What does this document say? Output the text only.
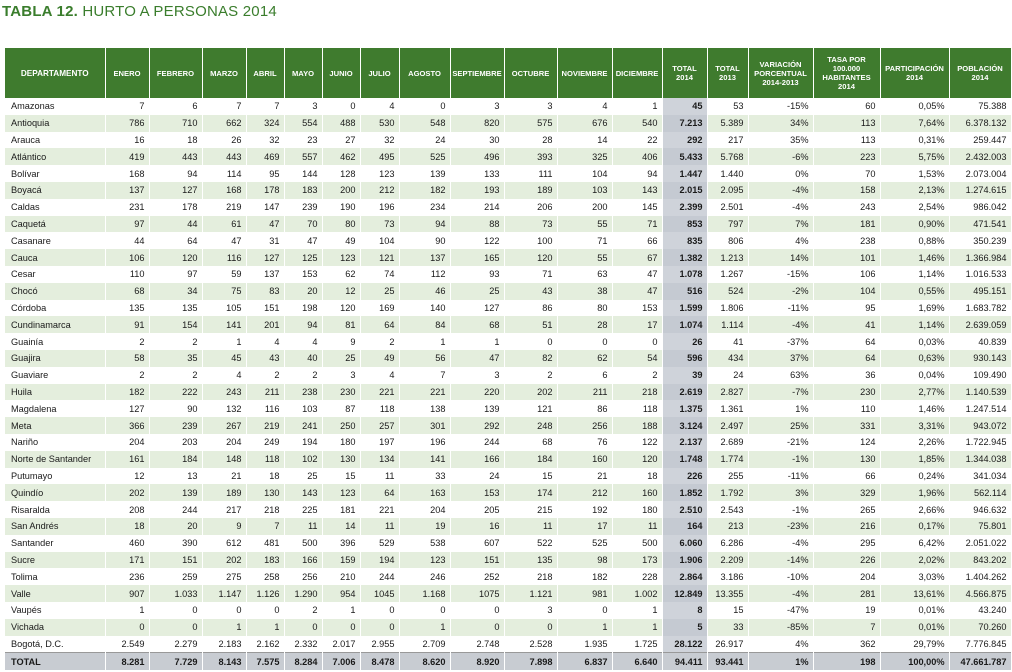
TABLA 12. HURTO A PERSONAS 2014
DEPARTAMENTO	ENERO	FEBRERO	MARZO	ABRIL	MAYO	JUNIO	JULIO	AGOSTO	SEPTIEMBRE	OCTUBRE	NOVIEMBRE	DICIEMBRE	TOTAL 2014	TOTAL 2013	VARIACIÓN PORCENTUAL 2014-2013	TASA POR 100.000 HABITANTES 2014	PARTICIPACIÓN 2014	POBLACIÓN 2014
Amazonas	7	6	7	7	3	0	4	0	3	3	4	1	45	53	-15%	60	0,05%	75.388
Antioquia	786	710	662	324	554	488	530	548	820	575	676	540	7.213	5.389	34%	113	7,64%	6.378.132
Arauca	16	18	26	32	23	27	32	24	30	28	14	22	292	217	35%	113	0,31%	259.447
Atlántico	419	443	443	469	557	462	495	525	496	393	325	406	5.433	5.768	-6%	223	5,75%	2.432.003
Bolívar	168	94	114	95	144	128	123	139	133	111	104	94	1.447	1.440	0%	70	1,53%	2.073.004
Boyacá	137	127	168	178	183	200	212	182	193	189	103	143	2.015	2.095	-4%	158	2,13%	1.274.615
Caldas	231	178	219	147	239	190	196	234	214	206	200	145	2.399	2.501	-4%	243	2,54%	986.042
Caquetá	97	44	61	47	70	80	73	94	88	73	55	71	853	797	7%	181	0,90%	471.541
Casanare	44	64	47	31	47	49	104	90	122	100	71	66	835	806	4%	238	0,88%	350.239
Cauca	106	120	116	127	125	123	121	137	165	120	55	67	1.382	1.213	14%	101	1,46%	1.366.984
Cesar	110	97	59	137	153	62	74	112	93	71	63	47	1.078	1.267	-15%	106	1,14%	1.016.533
Chocó	68	34	75	83	20	12	25	46	25	43	38	47	516	524	-2%	104	0,55%	495.151
Córdoba	135	135	105	151	198	120	169	140	127	86	80	153	1.599	1.806	-11%	95	1,69%	1.683.782
Cundinamarca	91	154	141	201	94	81	64	84	68	51	28	17	1.074	1.114	-4%	41	1,14%	2.639.059
Guainía	2	2	1	4	4	9	2	1	1	0	0	0	26	41	-37%	64	0,03%	40.839
Guajira	58	35	45	43	40	25	49	56	47	82	62	54	596	434	37%	64	0,63%	930.143
Guaviare	2	2	4	2	2	3	4	7	3	2	6	2	39	24	63%	36	0,04%	109.490
Huila	182	222	243	211	238	230	221	221	220	202	211	218	2.619	2.827	-7%	230	2,77%	1.140.539
Magdalena	127	90	132	116	103	87	118	138	139	121	86	118	1.375	1.361	1%	110	1,46%	1.247.514
Meta	366	239	267	219	241	250	257	301	292	248	256	188	3.124	2.497	25%	331	3,31%	943.072
Nariño	204	203	204	249	194	180	197	196	244	68	76	122	2.137	2.689	-21%	124	2,26%	1.722.945
Norte de Santander	161	184	148	118	102	130	134	141	166	184	160	120	1.748	1.774	-1%	130	1,85%	1.344.038
Putumayo	12	13	21	18	25	15	11	33	24	15	21	18	226	255	-11%	66	0,24%	341.034
Quindío	202	139	189	130	143	123	64	163	153	174	212	160	1.852	1.792	3%	329	1,96%	562.114
Risaralda	208	244	217	218	225	181	221	204	205	215	192	180	2.510	2.543	-1%	265	2,66%	946.632
San Andrés	18	20	9	7	11	14	11	19	16	11	17	11	164	213	-23%	216	0,17%	75.801
Santander	460	390	612	481	500	396	529	538	607	522	525	500	6.060	6.286	-4%	295	6,42%	2.051.022
Sucre	171	151	202	183	166	159	194	123	151	135	98	173	1.906	2.209	-14%	226	2,02%	843.202
Tolima	236	259	275	258	256	210	244	246	252	218	182	228	2.864	3.186	-10%	204	3,03%	1.404.262
Valle	907	1.033	1.147	1.126	1.290	954	1045	1.168	1075	1.121	981	1.002	12.849	13.355	-4%	281	13,61%	4.566.875
Vaupés	1	0	0	0	2	1	0	0	0	3	0	1	8	15	-47%	19	0,01%	43.240
Vichada	0	0	1	1	0	0	0	1	0	0	1	1	5	33	-85%	7	0,01%	70.260
Bogotá, D.C.	2.549	2.279	2.183	2.162	2.332	2.017	2.955	2.709	2.748	2.528	1.935	1.725	28.122	26.917	4%	362	29,79%	7.776.845
TOTAL	8.281	7.729	8.143	7.575	8.284	7.006	8.478	8.620	8.920	7.898	6.837	6.640	94.411	93.441	1%	198	100,00%	47.661.787
